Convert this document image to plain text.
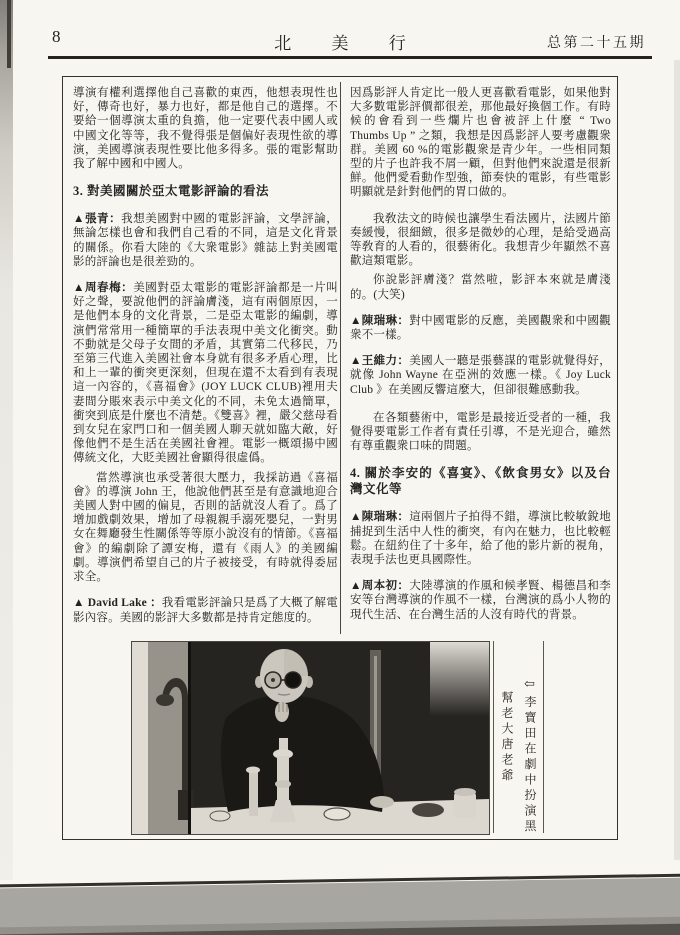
8	北 美 行	总第二十五期

導演有權利選擇他自己喜歡的東西，他想表現性也好，傳奇也好，暴力也好，都是他自己的選擇。不要給一個導演太重的負擔，他一定要代表中國人或中國文化等等，我不覺得張是個偏好表現性欲的導演，美國導演表現性要比他多得多。張的電影幫助我了解中國和中國人。

3. 對美國關於亞太電影評論的看法

▲張青：我想美國對中國的電影評論，文學評論，無論怎樣也會和我們自己看的不同，這是文化背景的關係。你看大陸的《大衆電影》雜誌上對美國電影的評論也是很差勁的。

▲周春梅：美國對亞太電影的電影評論都是一片叫好之聲，要說他們的評論膚淺，這有兩個原因，一是他們本身的文化背景，二是亞太電影的編劇，導演們常常用一種簡單的手法表現中美文化衝突。動不動就是父母子女間的矛盾，其實第二代移民，乃至第三代進入美國社會本身就有很多矛盾心理，比和上一輩的衝突更深刻，但現在還不太看到有表現這一內容的，《喜福會》(JOY LUCK CLUB)裡用夫妻間分賬來表示中美文化的不同，未免太過簡單，衝突到底是什麼也不清楚。《雙喜》裡，嚴父慈母看到女兒在家門口和一個美國人聊天就如臨大敵，好像他們不是生活在美國社會裡。電影一概頌揚中國傳統文化，大貶美國社會顯得很虛僞。

當然導演也承受著很大壓力，我採訪過《喜福會》的導演 John 王，他說他們甚至是有意識地迎合美國人對中國的偏見，否則的話就沒人看了。爲了增加戲劇效果，增加了母親親手溺死嬰兒，一對男女在舞廳發生性關係等等原小說沒有的情節。《喜福會》的編劇除了譚安梅，還有《雨人》的美國編劇。導演們希望自己的片子被接受，有時就得委屈求全。

▲ David Lake ：我看電影評論只是爲了大概了解電影內容。美國的影評大多數都是持肯定態度的。

因爲影評人肯定比一般人更喜歡看電影，如果他對大多數電影評價都很差，那他最好換個工作。有時候的會看到一些爛片也會被評上什麼 “ Two Thumbs Up ” 之類，我想是因爲影評人要考慮觀衆群。美國 60 %的電影觀衆是青少年。一些相同類型的片子也許我不屑一顧，但對他們來說還是很新鮮。他們愛看動作型強，節奏快的電影，有些電影明顯就是針對他們的胃口做的。

我敎法文的時候也讓學生看法國片，法國片節奏緩慢，很細緻，很多是微妙的心理，是給受過高等敎育的人看的，很藝術化。我想青少年顯然不喜歡這類電影。

你說影評膚淺？當然啦，影評本來就是膚淺的。(大笑)

▲陳瑞琳：對中國電影的反應，美國觀衆和中國觀衆不一樣。

▲王維力：美國人一聽是張藝謀的電影就覺得好，就像 John Wayne 在亞洲的效應一樣。《 Joy Luck Club 》在美國反響這麼大，但卻很難感動我。

在各類藝術中，電影是最接近受者的一種，我覺得要電影工作者有責任引導，不是光迎合，雖然有尊重觀衆口味的問題。

4. 關於李安的《喜宴》、《飲食男女》以及台灣文化等

▲陳瑞琳：這兩個片子拍得不錯，導演比較敏銳地捕捉到生活中人性的衝突，有內在魅力，也比較輕鬆。在紐約住了十多年，給了他的影片新的視角，表現手法也更具國際性。

▲周本初：大陸導演的作風和候孝賢、楊德昌和李安等台灣導演的作風不一樣，台灣演的爲小人物的現代生活、在台灣生活的人沒有時代的背景。

⇦李寶田在劇中扮演黑
幫老大唐老爺
